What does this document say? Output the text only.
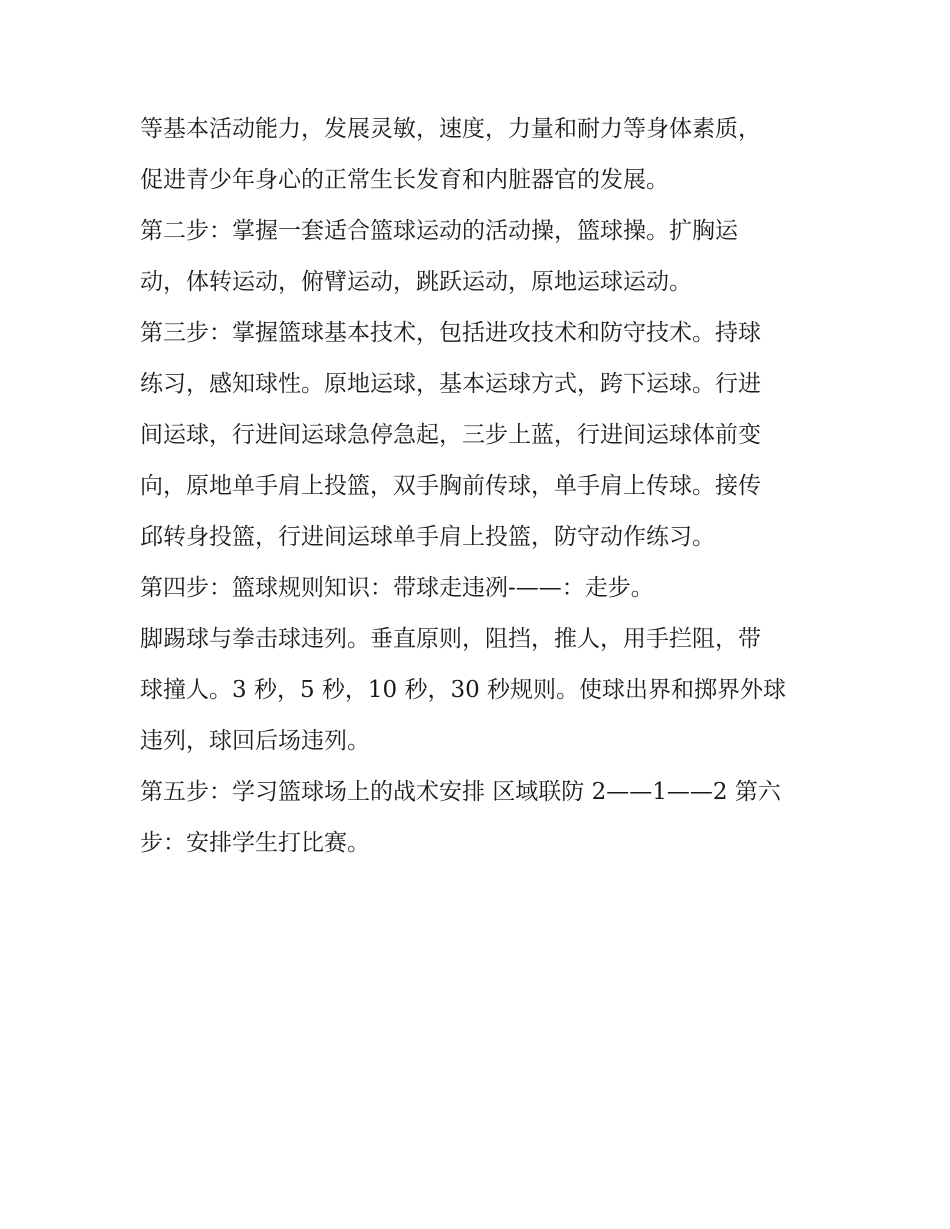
等基本活动能力，发展灵敏，速度，力量和耐力等身体素质，
促进青少年身心的正常生长发育和内脏器官的发展。
第二步：掌握一套适合篮球运动的活动操，篮球操。扩胸运
动，体转运动，俯臂运动，跳跃运动，原地运球运动。
第三步：掌握篮球基本技术，包括进攻技术和防守技术。持球
练习，感知球性。原地运球，基本运球方式，跨下运球。行进
间运球，行进间运球急停急起，三步上蓝，行进间运球体前变
向，原地单手肩上投篮，双手胸前传球，单手肩上传球。接传
邱转身投篮，行进间运球单手肩上投篮，防守动作练习。
第四步：篮球规则知识：带球走违冽-——：走步。
脚踢球与拳击球违列。垂直原则，阻挡，推人，用手拦阻，带
球撞人。3 秒，5 秒，10 秒，30 秒规则。使球出界和掷界外球
违列，球回后场违列。
第五步：学习篮球场上的战术安排 区域联防 2——1——2 第六
步：安排学生打比赛。
